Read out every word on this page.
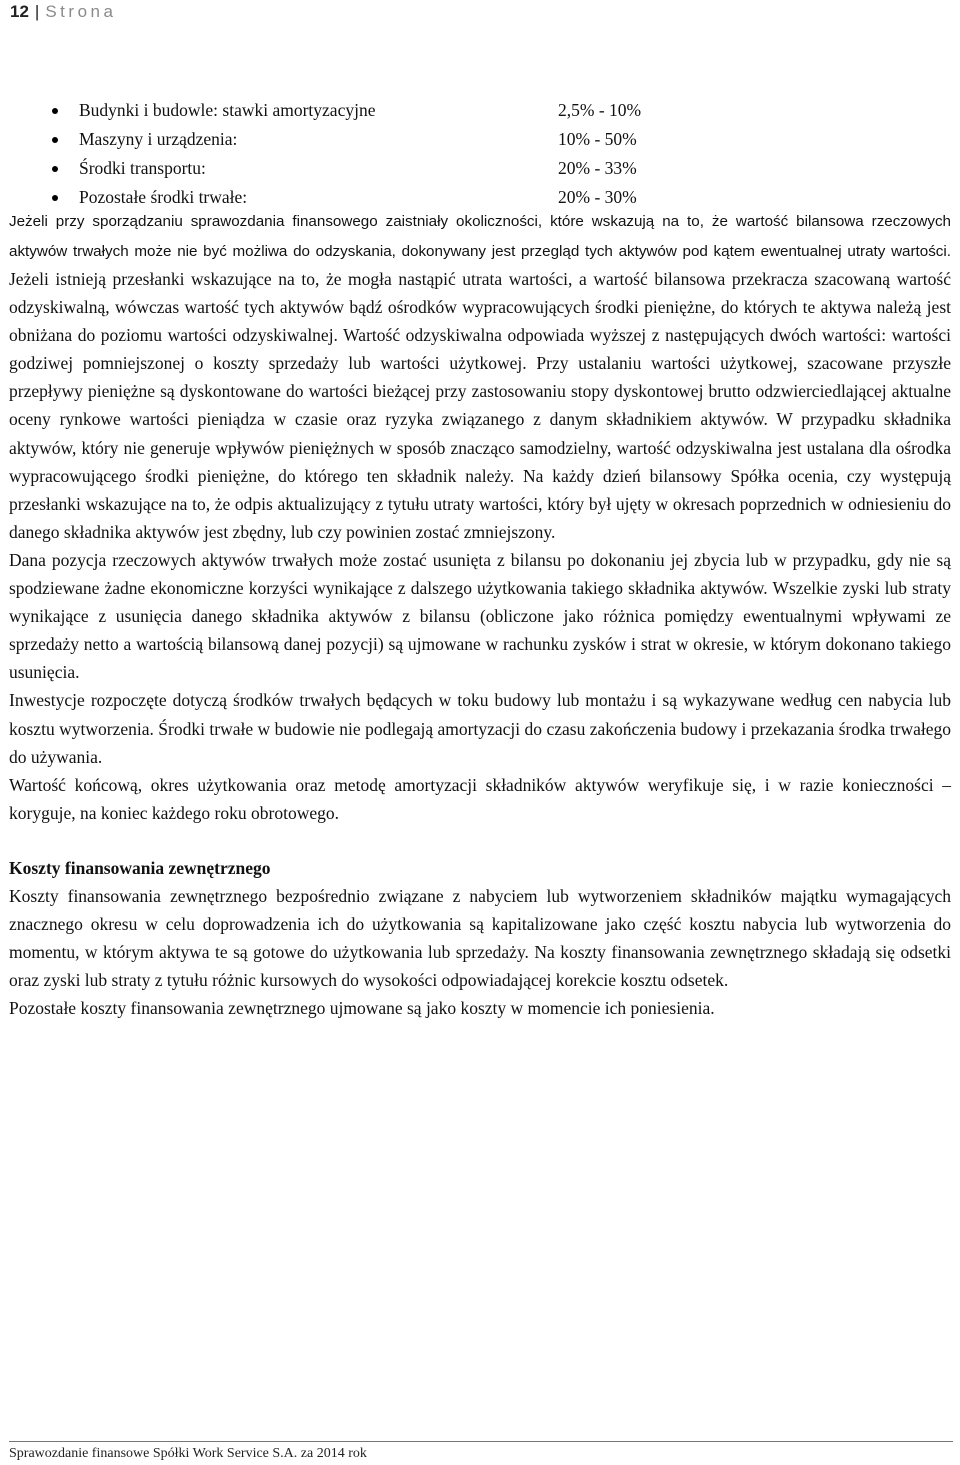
12 | Strona
Budynki i budowle: stawki amortyzacyjne	2,5% - 10%
Maszyny i urządzenia:	10% - 50%
Środki transportu:	20% - 33%
Pozostałe środki trwałe:	20% - 30%

Jeżeli przy sporządzaniu sprawozdania finansowego zaistniały okoliczności, które wskazują na to, że wartość bilansowa rzeczowych aktywów trwałych może nie być możliwa do odzyskania, dokonywany jest przegląd tych aktywów pod kątem ewentualnej utraty wartości. Jeżeli istnieją przesłanki wskazujące na to, że mogła nastąpić utrata wartości, a wartość bilansowa przekracza szacowaną wartość odzyskiwalną, wówczas wartość tych aktywów bądź ośrodków wypracowujących środki pieniężne, do których te aktywa należą jest obniżana do poziomu wartości odzyskiwalnej. Wartość odzyskiwalna odpowiada wyższej z następujących dwóch wartości: wartości godziwej pomniejszonej o koszty sprzedaży lub wartości użytkowej. Przy ustalaniu wartości użytkowej, szacowane przyszłe przepływy pieniężne są dyskontowane do wartości bieżącej przy zastosowaniu stopy dyskontowej brutto odzwierciedlającej aktualne oceny rynkowe wartości pieniądza w czasie oraz ryzyka związanego z danym składnikiem aktywów. W przypadku składnika aktywów, który nie generuje wpływów pieniężnych w sposób znacząco samodzielny, wartość odzyskiwalna jest ustalana dla ośrodka wypracowującego środki pieniężne, do którego ten składnik należy. Na każdy dzień bilansowy Spółka ocenia, czy występują przesłanki wskazujące na to, że odpis aktualizujący z tytułu utraty wartości, który był ujęty w okresach poprzednich w odniesieniu do danego składnika aktywów jest zbędny, lub czy powinien zostać zmniejszony.

Dana pozycja rzeczowych aktywów trwałych może zostać usunięta z bilansu po dokonaniu jej zbycia lub w przypadku, gdy nie są spodziewane żadne ekonomiczne korzyści wynikające z dalszego użytkowania takiego składnika aktywów. Wszelkie zyski lub straty wynikające z usunięcia danego składnika aktywów z bilansu (obliczone jako różnica pomiędzy ewentualnymi wpływami ze sprzedaży netto a wartością bilansową danej pozycji) są ujmowane w rachunku zysków i strat w okresie, w którym dokonano takiego usunięcia.

Inwestycje rozpoczęte dotyczą środków trwałych będących w toku budowy lub montażu i są wykazywane według cen nabycia lub kosztu wytworzenia. Środki trwałe w budowie nie podlegają amortyzacji do czasu zakończenia budowy i przekazania środka trwałego do używania.

Wartość końcową, okres użytkowania oraz metodę amortyzacji składników aktywów weryfikuje się, i w razie konieczności – koryguje, na koniec każdego roku obrotowego.

Koszty finansowania zewnętrznego

Koszty finansowania zewnętrznego bezpośrednio związane z nabyciem lub wytworzeniem składników majątku wymagających znacznego okresu w celu doprowadzenia ich do użytkowania są kapitalizowane jako część kosztu nabycia lub wytworzenia do momentu, w którym aktywa te są gotowe do użytkowania lub sprzedaży. Na koszty finansowania zewnętrznego składają się odsetki oraz zyski lub straty z tytułu różnic kursowych do wysokości odpowiadającej korekcie kosztu odsetek.

Pozostałe koszty finansowania zewnętrznego ujmowane są jako koszty w momencie ich poniesienia.

Sprawozdanie finansowe Spółki Work Service S.A. za 2014 rok
